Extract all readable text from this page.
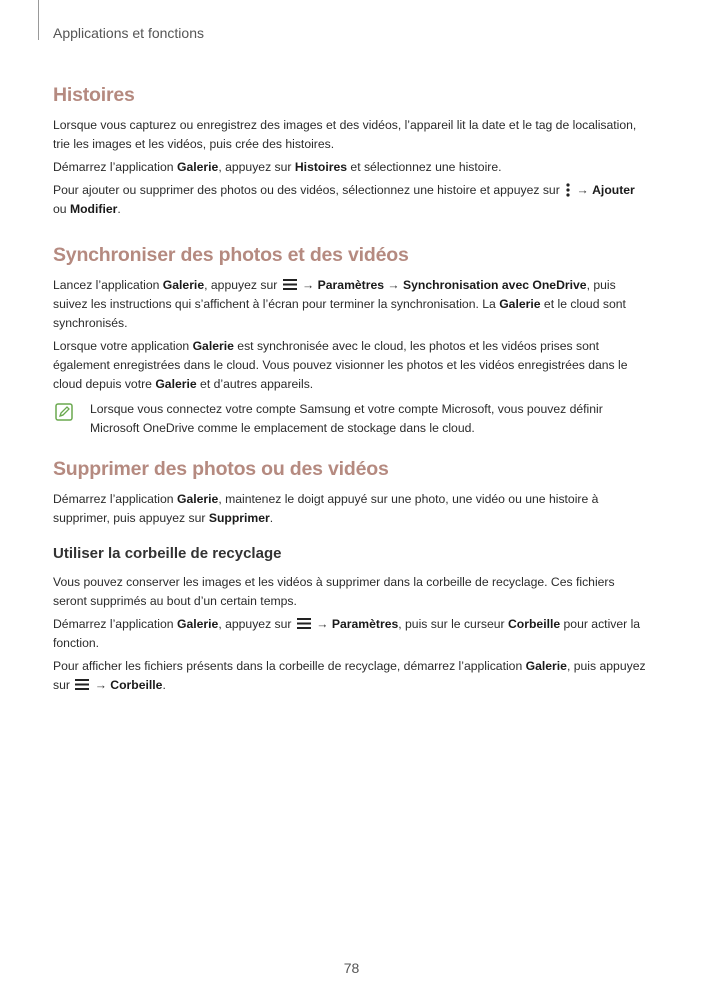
Applications et fonctions
Histoires

Lorsque vous capturez ou enregistrez des images et des vidéos, l’appareil lit la date et le tag de localisation, trie les images et les vidéos, puis crée des histoires.

Démarrez l’application Galerie, appuyez sur Histoires et sélectionnez une histoire.

Pour ajouter ou supprimer des photos ou des vidéos, sélectionnez une histoire et appuyez sur  → Ajouter
ou Modifier.

Synchroniser des photos et des vidéos

Lancez l’application Galerie, appuyez sur  → Paramètres → Synchronisation avec OneDrive, puis suivez les instructions qui s’affichent à l’écran pour terminer la synchronisation. La Galerie et le cloud sont synchronisés.

Lorsque votre application Galerie est synchronisée avec le cloud, les photos et les vidéos prises sont également enregistrées dans le cloud. Vous pouvez visionner les photos et les vidéos enregistrées dans le cloud depuis votre Galerie et d’autres appareils.

Lorsque vous connectez votre compte Samsung et votre compte Microsoft, vous pouvez définir Microsoft OneDrive comme le emplacement de stockage dans le cloud.

Supprimer des photos ou des vidéos

Démarrez l’application Galerie, maintenez le doigt appuyé sur une photo, une vidéo ou une histoire à supprimer, puis appuyez sur Supprimer.

Utiliser la corbeille de recyclage

Vous pouvez conserver les images et les vidéos à supprimer dans la corbeille de recyclage. Ces fichiers seront supprimés au bout d’un certain temps.

Démarrez l’application Galerie, appuyez sur  → Paramètres, puis sur le curseur Corbeille pour activer la fonction.

Pour afficher les fichiers présents dans la corbeille de recyclage, démarrez l’application Galerie, puis appuyez sur  → Corbeille.

78
